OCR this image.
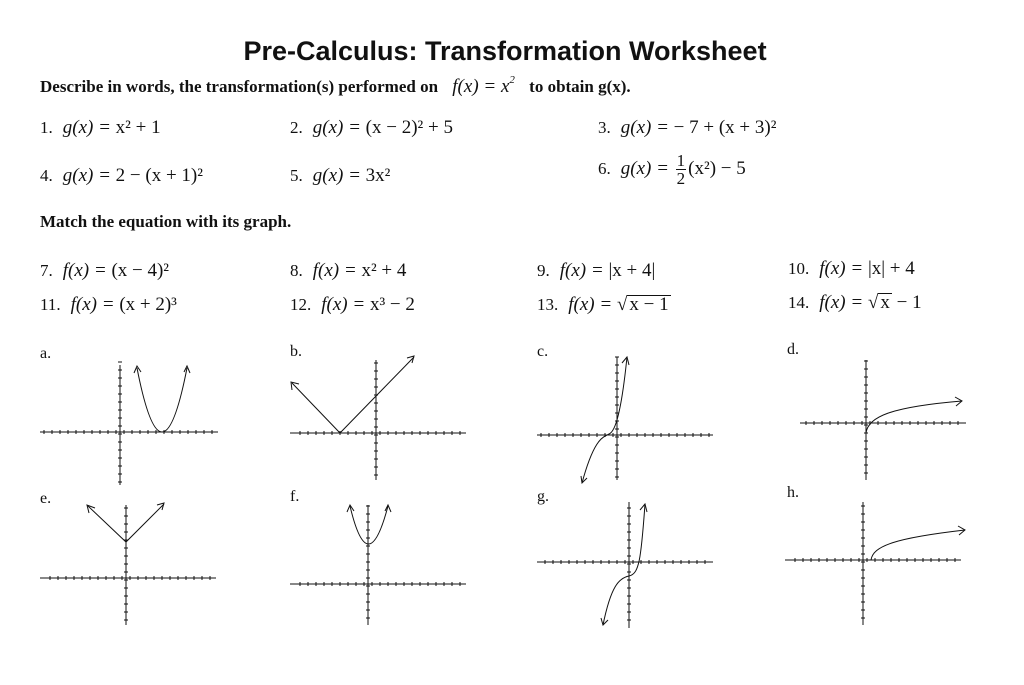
Pre-Calculus: Transformation Worksheet
Describe in words, the transformation(s) performed on $f(x) = x^2$ to obtain g(x).
1. g(x) = x² + 1	2. g(x) = (x − 2)² + 5	3. g(x) = − 7 + (x + 3)²
4. g(x) = 2 − (x + 1)²	5. g(x) = 3x²	6. $g(x) = \frac{1}{2} (x^2) - 5$
Match the equation with its graph.
7. f(x) = (x − 4)²	8. f(x) = x² + 4	9. f(x) = |x + 4|	10. f(x) = |x| + 4
11. f(x) = (x + 2)³	12. f(x) = x³ − 2	13. f(x) = √ x − 1	14. f(x) = √ x − 1
a.	b.	c.	d.
e.	f.	g.	h.
